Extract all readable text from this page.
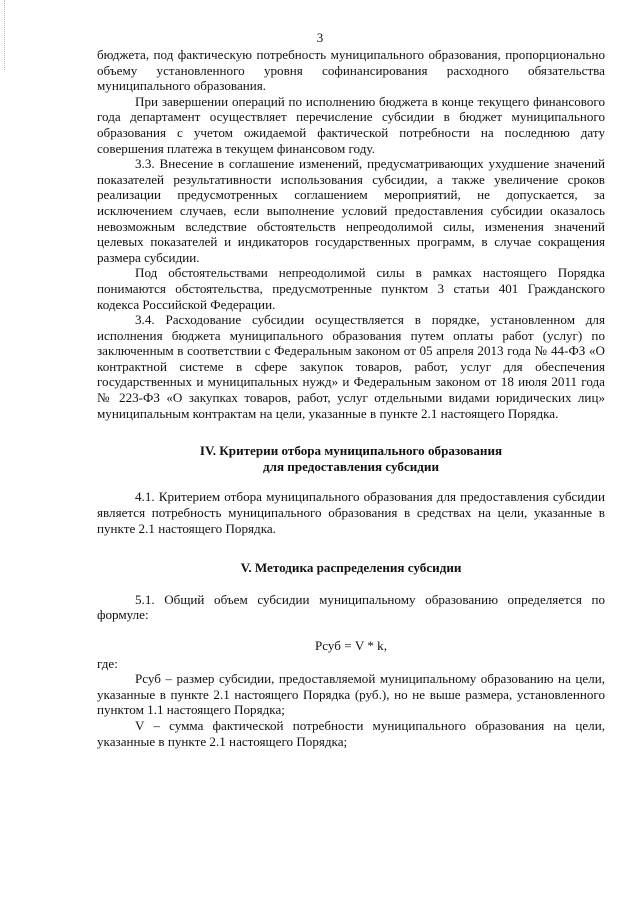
3

бюджета, под фактическую потребность муниципального образования, пропорционально объему установленного уровня софинансирования расходного обязательства муниципального образования.

При завершении операций по исполнению бюджета в конце текущего финансового года департамент осуществляет перечисление субсидии в бюджет муниципального образования с учетом ожидаемой фактической потребности на последнюю дату совершения платежа в текущем финансовом году.

3.3. Внесение в соглашение изменений, предусматривающих ухудшение значений показателей результативности использования субсидии, а также увеличение сроков реализации предусмотренных соглашением мероприятий, не допускается, за исключением случаев, если выполнение условий предоставления субсидии оказалось невозможным вследствие обстоятельств непреодолимой силы, изменения значений целевых показателей и индикаторов государственных программ, в случае сокращения размера субсидии.

Под обстоятельствами непреодолимой силы в рамках настоящего Порядка понимаются обстоятельства, предусмотренные пунктом 3 статьи 401 Гражданского кодекса Российской Федерации.

3.4. Расходование субсидии осуществляется в порядке, установленном для исполнения бюджета муниципального образования путем оплаты работ (услуг) по заключенным в соответствии с Федеральным законом от 05 апреля 2013 года № 44-ФЗ «О контрактной системе в сфере закупок товаров, работ, услуг для обеспечения государственных и муниципальных нужд» и Федеральным законом от 18 июля 2011 года № 223-ФЗ «О закупках товаров, работ, услуг отдельными видами юридических лиц» муниципальным контрактам на цели, указанные в пункте 2.1 настоящего Порядка.

IV. Критерии отбора муниципального образования
для предоставления субсидии

4.1. Критерием отбора муниципального образования для предоставления субсидии является потребность муниципального образования в средствах на цели, указанные в пункте 2.1 настоящего Порядка.

V. Методика распределения субсидии

5.1. Общий объем субсидии муниципальному образованию определяется по формуле:

Рсуб = V * k,

где:

Рсуб – размер субсидии, предоставляемой муниципальному образованию на цели, указанные в пункте 2.1 настоящего Порядка (руб.), но не выше размера, установленного пунктом 1.1 настоящего Порядка;

V – сумма фактической потребности муниципального образования на цели, указанные в пункте 2.1 настоящего Порядка;
